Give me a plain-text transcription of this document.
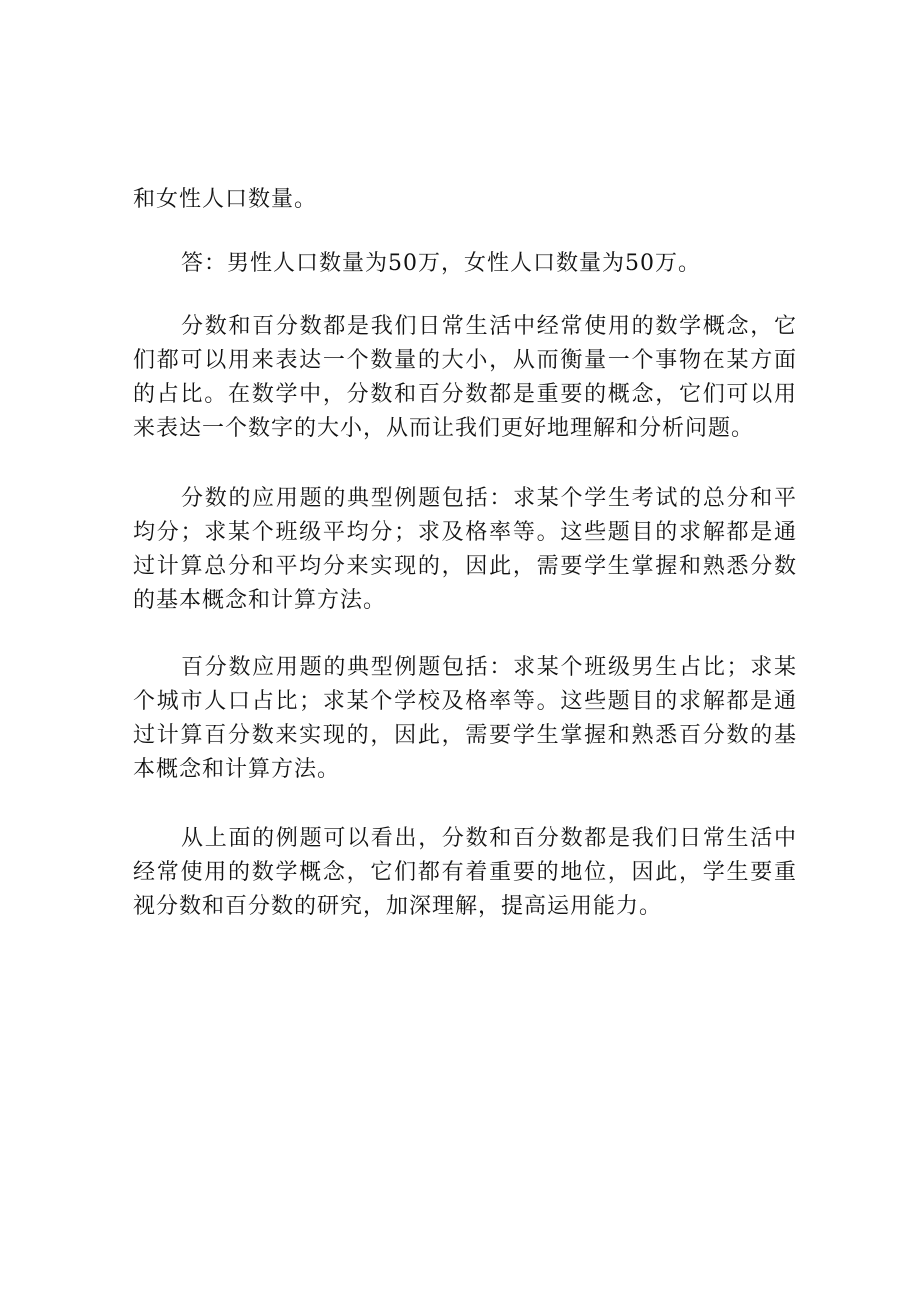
和女性人口数量。

答：男性人口数量为50万，女性人口数量为50万。

分数和百分数都是我们日常生活中经常使用的数学概念，它们都可以用来表达一个数量的大小，从而衡量一个事物在某方面的占比。在数学中，分数和百分数都是重要的概念，它们可以用来表达一个数字的大小，从而让我们更好地理解和分析问题。

分数的应用题的典型例题包括：求某个学生考试的总分和平均分；求某个班级平均分；求及格率等。这些题目的求解都是通过计算总分和平均分来实现的，因此，需要学生掌握和熟悉分数的基本概念和计算方法。

百分数应用题的典型例题包括：求某个班级男生占比；求某个城市人口占比；求某个学校及格率等。这些题目的求解都是通过计算百分数来实现的，因此，需要学生掌握和熟悉百分数的基本概念和计算方法。

从上面的例题可以看出，分数和百分数都是我们日常生活中经常使用的数学概念，它们都有着重要的地位，因此，学生要重视分数和百分数的研究，加深理解，提高运用能力。
